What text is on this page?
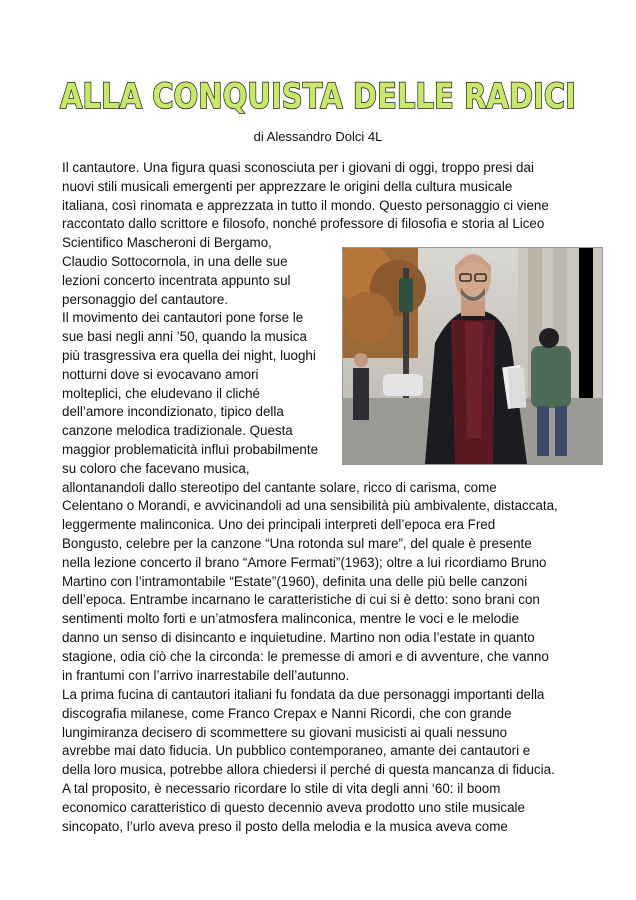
ALLA CONQUISTA DELLE RADICI
di Alessandro Dolci 4L
Il cantautore. Una figura quasi sconosciuta per i giovani di oggi, troppo presi dai
nuovi stili musicali emergenti per apprezzare le origini della cultura musicale
italiana, così rinomata e apprezzata in tutto il mondo. Questo personaggio ci viene
raccontato dallo scrittore e filosofo, nonché professore di filosofia e storia al Liceo
Scientifico Mascheroni di Bergamo,
Claudio Sottocornola, in una delle sue
lezioni concerto incentrata appunto sul
personaggio del cantautore.
Il movimento dei cantautori pone forse le
sue basi negli anni ’50, quando la musica
più trasgressiva era quella dei night, luoghi
notturni dove si evocavano amori
molteplici, che eludevano il cliché
dell’amore incondizionato, tipico della
canzone melodica tradizionale. Questa
maggior problematicità influì probabilmente
su coloro che facevano musica,
allontanandoli dallo stereotipo del cantante solare, ricco di carisma, come
Celentano o Morandi, e avvicinandoli ad una sensibilità più ambivalente, distaccata,
leggermente malinconica. Uno dei principali interpreti dell’epoca era Fred
Bongusto, celebre per la canzone “Una rotonda sul mare”, del quale è presente
nella lezione concerto il brano “Amore Fermati”(1963); oltre a lui ricordiamo Bruno
Martino con l’intramontabile “Estate”(1960), definita una delle più belle canzoni
dell’epoca. Entrambe incarnano le caratteristiche di cui si è detto: sono brani con
sentimenti molto forti e un’atmosfera malinconica, mentre le voci e le melodie
danno un senso di disincanto e inquietudine. Martino non odia l’estate in quanto
stagione, odia ciò che la circonda: le premesse di amori e di avventure, che vanno
in frantumi con l’arrivo inarrestabile dell’autunno.
La prima fucina di cantautori italiani fu fondata da due personaggi importanti della
discografia milanese, come Franco Crepax e Nanni Ricordi, che con grande
lungimiranza decisero di scommettere su giovani musicisti ai quali nessuno
avrebbe mai dato fiducia. Un pubblico contemporaneo, amante dei cantautori e
della loro musica, potrebbe allora chiedersi il perché di questa mancanza di fiducia.
A tal proposito, è necessario ricordare lo stile di vita degli anni ‘60: il boom
economico caratteristico di questo decennio aveva prodotto uno stile musicale
sincopato, l’urlo aveva preso il posto della melodia e la musica aveva come
